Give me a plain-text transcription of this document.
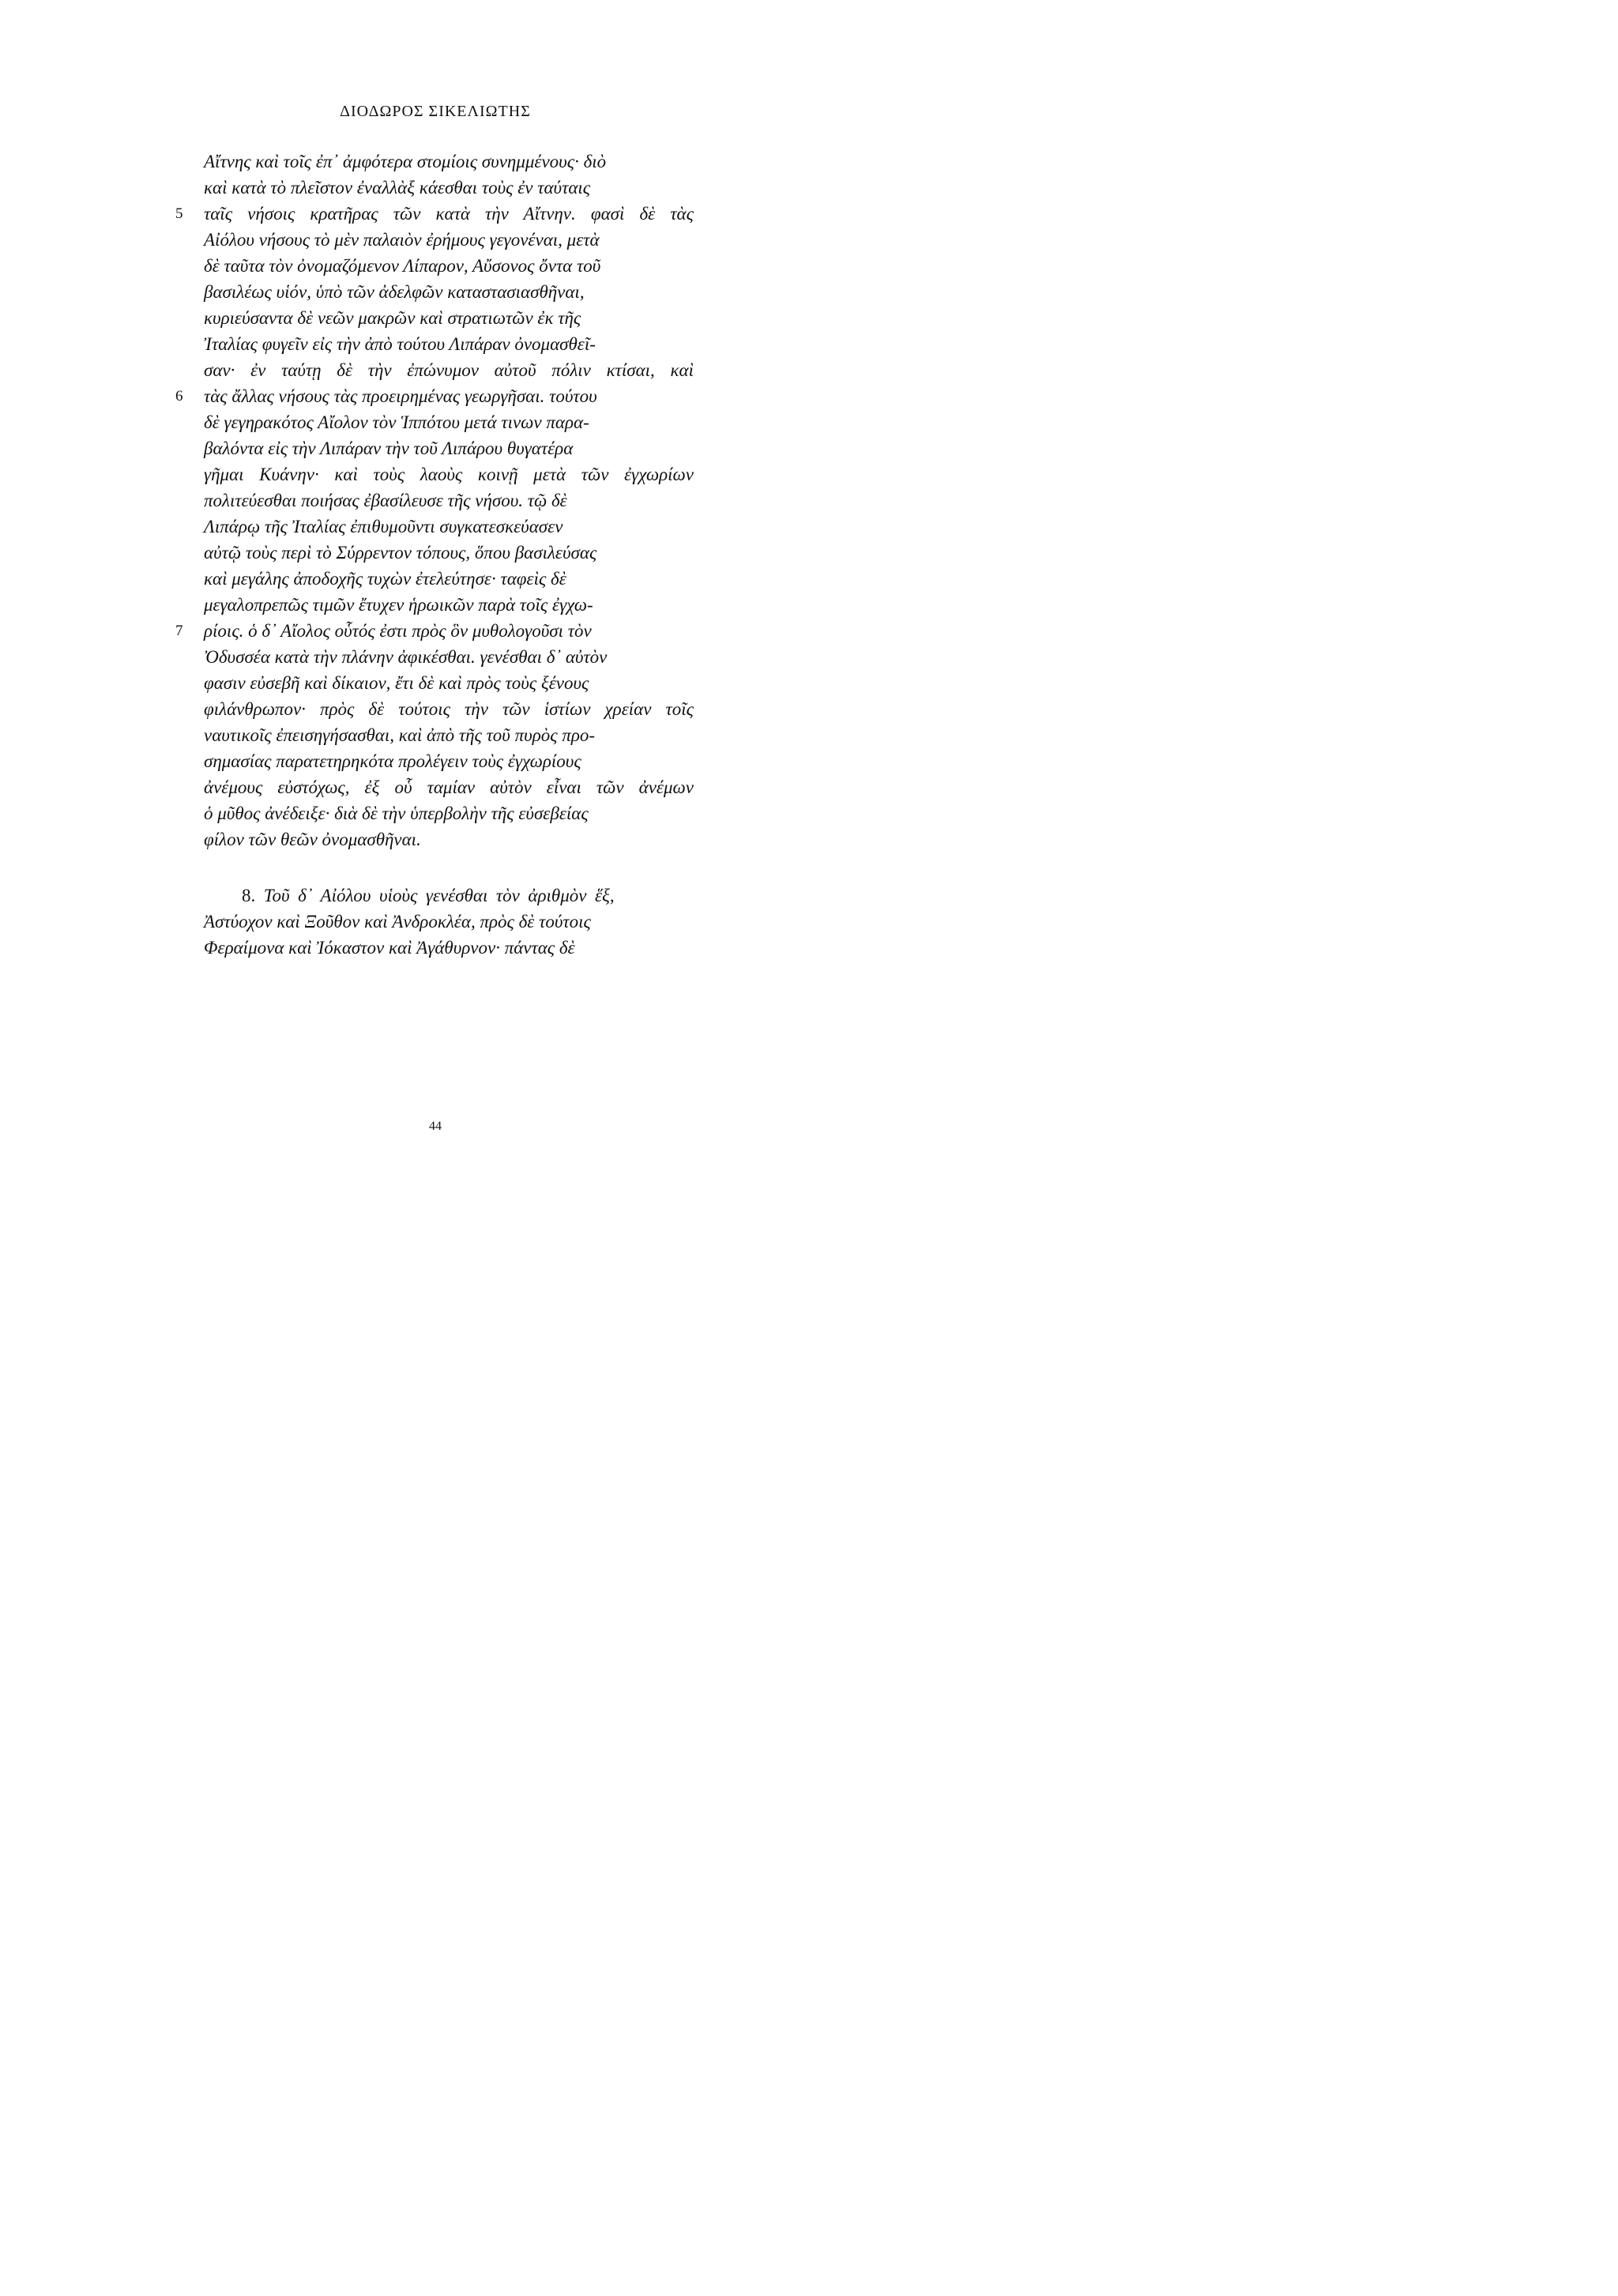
ΔΙΟΔΩΡΟΣ ΣΙΚΕΛΙΩΤΗΣ
Αἴτνης καὶ τοῖς ἐπ᾽ ἀμφότερα στομίοις συνημμένους· διὸ
καὶ κατὰ τὸ πλεῖστον ἐναλλὰξ κάεσθαι τοὺς ἐν ταύταις
5 ταῖς νήσοις κρατῆρας τῶν κατὰ τὴν Αἴτνην. φασὶ δὲ τὰς
Αἰόλου νήσους τὸ μὲν παλαιὸν ἐρήμους γεγονέναι, μετὰ
δὲ ταῦτα τὸν ὀνομαζόμενον Λίπαρον, Αὔσονος ὄντα τοῦ
βασιλέως υἱόν, ὑπὸ τῶν ἀδελφῶν καταστασιασθῆναι,
κυριεύσαντα δὲ νεῶν μακρῶν καὶ στρατιωτῶν ἐκ τῆς
Ἰταλίας φυγεῖν εἰς τὴν ἀπὸ τούτου Λιπάραν ὀνομασθεῖ-
σαν· ἐν ταύτῃ δὲ τὴν ἐπώνυμον αὐτοῦ πόλιν κτίσαι, καὶ
6 τὰς ἄλλας νήσους τὰς προειρημένας γεωργῆσαι. τούτου
δὲ γεγηρακότος Αἴολον τὸν Ἱππότου μετά τινων παρα-
βαλόντα εἰς τὴν Λιπάραν τὴν τοῦ Λιπάρου θυγατέρα
γῆμαι Κυάνην· καὶ τοὺς λαοὺς κοινῇ μετὰ τῶν ἐγχωρίων
πολιτεύεσθαι ποιήσας ἐβασίλευσε τῆς νήσου. τῷ δὲ
Λιπάρῳ τῆς Ἰταλίας ἐπιθυμοῦντι συγκατεσκεύασεν
αὐτῷ τοὺς περὶ τὸ Σύρρεντον τόπους, ὅπου βασιλεύσας
καὶ μεγάλης ἀποδοχῆς τυχὼν ἐτελεύτησε· ταφεὶς δὲ
μεγαλοπρεπῶς τιμῶν ἔτυχεν ἡρωικῶν παρὰ τοῖς ἐγχω-
7 ρίοις. ὁ δ᾽ Αἴολος οὗτός ἐστι πρὸς ὃν μυθολογοῦσι τὸν
Ὀδυσσέα κατὰ τὴν πλάνην ἀφικέσθαι. γενέσθαι δ᾽ αὐτὸν
φασιν εὐσεβῆ καὶ δίκαιον, ἔτι δὲ καὶ πρὸς τοὺς ξένους
φιλάνθρωπον· πρὸς δὲ τούτοις τὴν τῶν ἱστίων χρείαν τοῖς
ναυτικοῖς ἐπεισηγήσασθαι, καὶ ἀπὸ τῆς τοῦ πυρὸς προ-
σημασίας παρατετηρηκότα προλέγειν τοὺς ἐγχωρίους
ἀνέμους εὐστόχως, ἐξ οὗ ταμίαν αὐτὸν εἶναι τῶν ἀνέμων
ὁ μῦθος ἀνέδειξε· διὰ δὲ τὴν ὑπερβολὴν τῆς εὐσεβείας
φίλον τῶν θεῶν ὀνομασθῆναι.
8. Τοῦ δ᾽ Αἰόλου υἱοὺς γενέσθαι τὸν ἀριθμὸν ἕξ,
Ἀστύοχον καὶ Ξοῦθον καὶ Ἀνδροκλέα, πρὸς δὲ τούτοις
Φεραίμονα καὶ Ἰόκαστον καὶ Ἀγάθυρνον· πάντας δὲ
44
